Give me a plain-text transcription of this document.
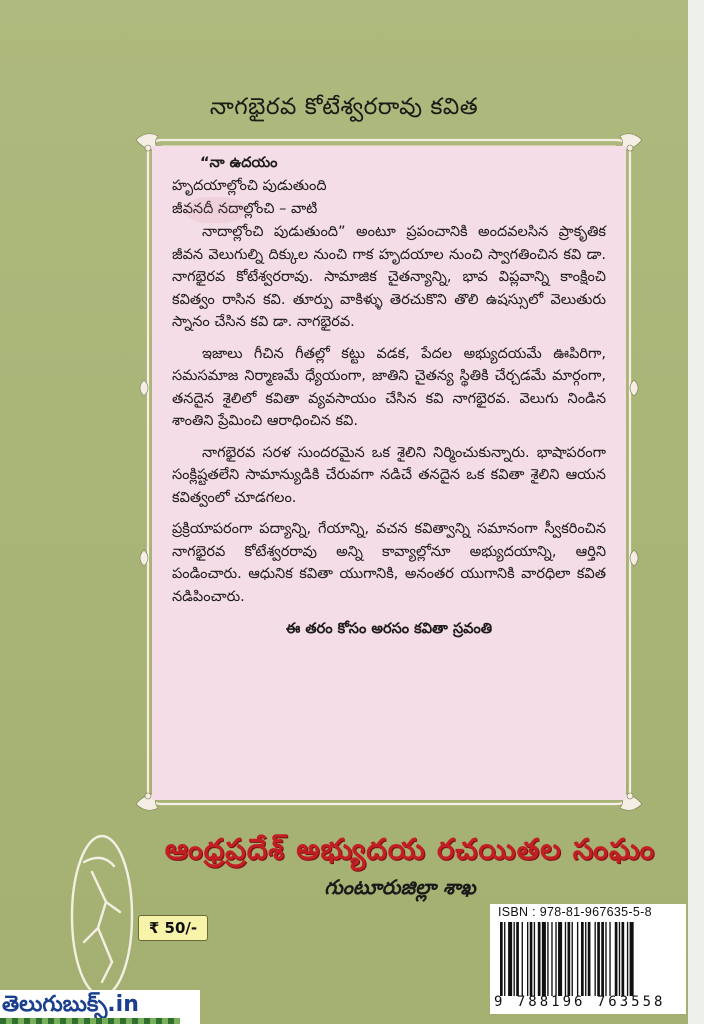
నాగభైరవ కోటేశ్వరరావు కవిత

“నా ఉదయం

హృదయాల్లోంచి పుడుతుంది

జీవనదీ నదాల్లోంచి – వాటి

నాదాల్లోంచి పుడుతుంది” అంటూ ప్రపంచానికి అందవలసిన ప్రాకృతిక జీవన వెలుగుల్ని దిక్కుల నుంచి గాక హృదయాల నుంచి స్వాగతించిన కవి డా. నాగభైరవ కోటేశ్వరరావు. సామాజిక చైతన్యాన్ని, భావ విప్లవాన్ని కాంక్షించి కవిత్వం రాసిన కవి. తూర్పు వాకిళ్ళు తెరచుకొని తొలి ఉషస్సులో వెలుతురు స్నానం చేసిన కవి డా. నాగభైరవ.

ఇజాలు గీచిన గీతల్లో కట్టు వడక, పేదల అభ్యుదయమే ఊపిరిగా, సమసమాజ నిర్మాణమే ధ్యేయంగా, జాతిని చైతన్య స్థితికి చేర్చడమే మార్గంగా, తనదైన శైలిలో కవితా వ్యవసాయం చేసిన కవి నాగభైరవ. వెలుగు నిండిన శాంతిని ప్రేమించి ఆరాధించిన కవి.

నాగభైరవ సరళ సుందరమైన ఒక శైలిని నిర్మించుకున్నారు. భాషాపరంగా సంక్లిష్టతలేని సామాన్యుడికి చేరువగా నడిచే తనదైన ఒక కవితా శైలిని ఆయన కవిత్వంలో చూడగలం.

ప్రక్రియాపరంగా పద్యాన్ని, గేయాన్ని, వచన కవిత్వాన్ని సమానంగా స్వీకరించిన నాగభైరవ కోటేశ్వరరావు అన్ని కావ్యాల్లోనూ అభ్యుదయాన్ని, ఆర్తిని పండించారు. ఆధునిక కవితా యుగానికి, అనంతర యుగానికి వారధిలా కవిత నడిపించారు.

ఈ తరం కోసం అరసం కవితా స్రవంతి

ఆంధ్రప్రదేశ్ అభ్యుదయ రచయితల సంఘం
గుంటూరుజిల్లా శాఖ
₹ 50/-
ISBN : 978-81-967635-5-8
9 788196 763558
తెలుగుబుక్స్.in
